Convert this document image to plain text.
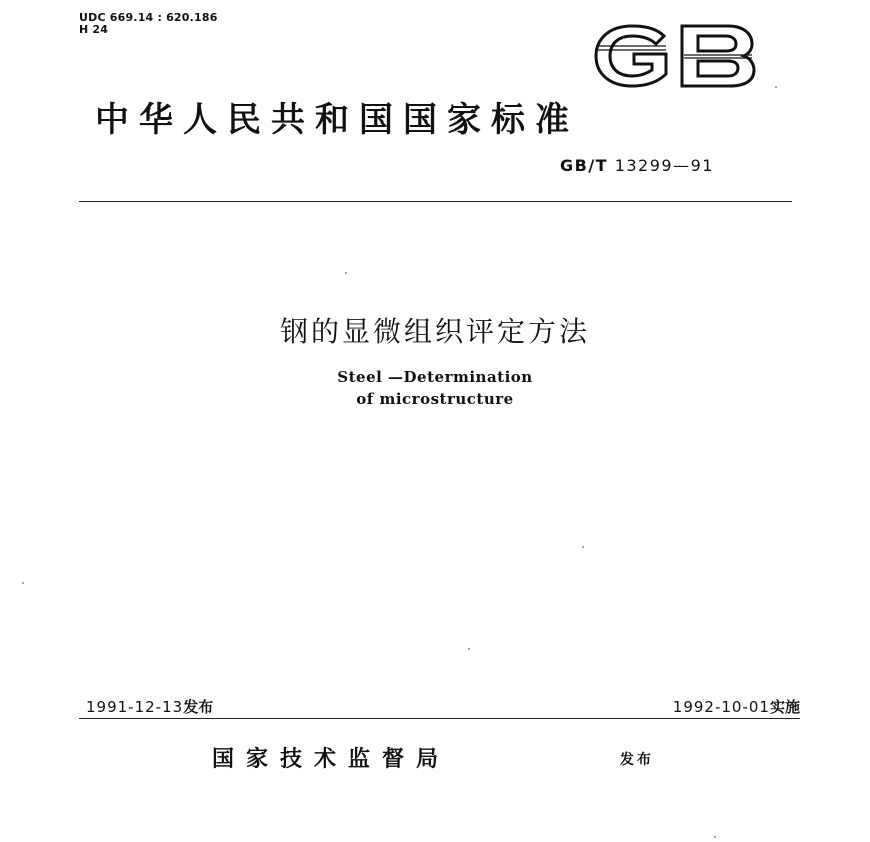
UDC 669.14 : 620.186
H 24
中华人民共和国国家标准
GB/T 13299—91
钢的显微组织评定方法
Steel —Determination
of microstructure
1991-12-13发布	1992-10-01实施
国家技术监督局	发布
